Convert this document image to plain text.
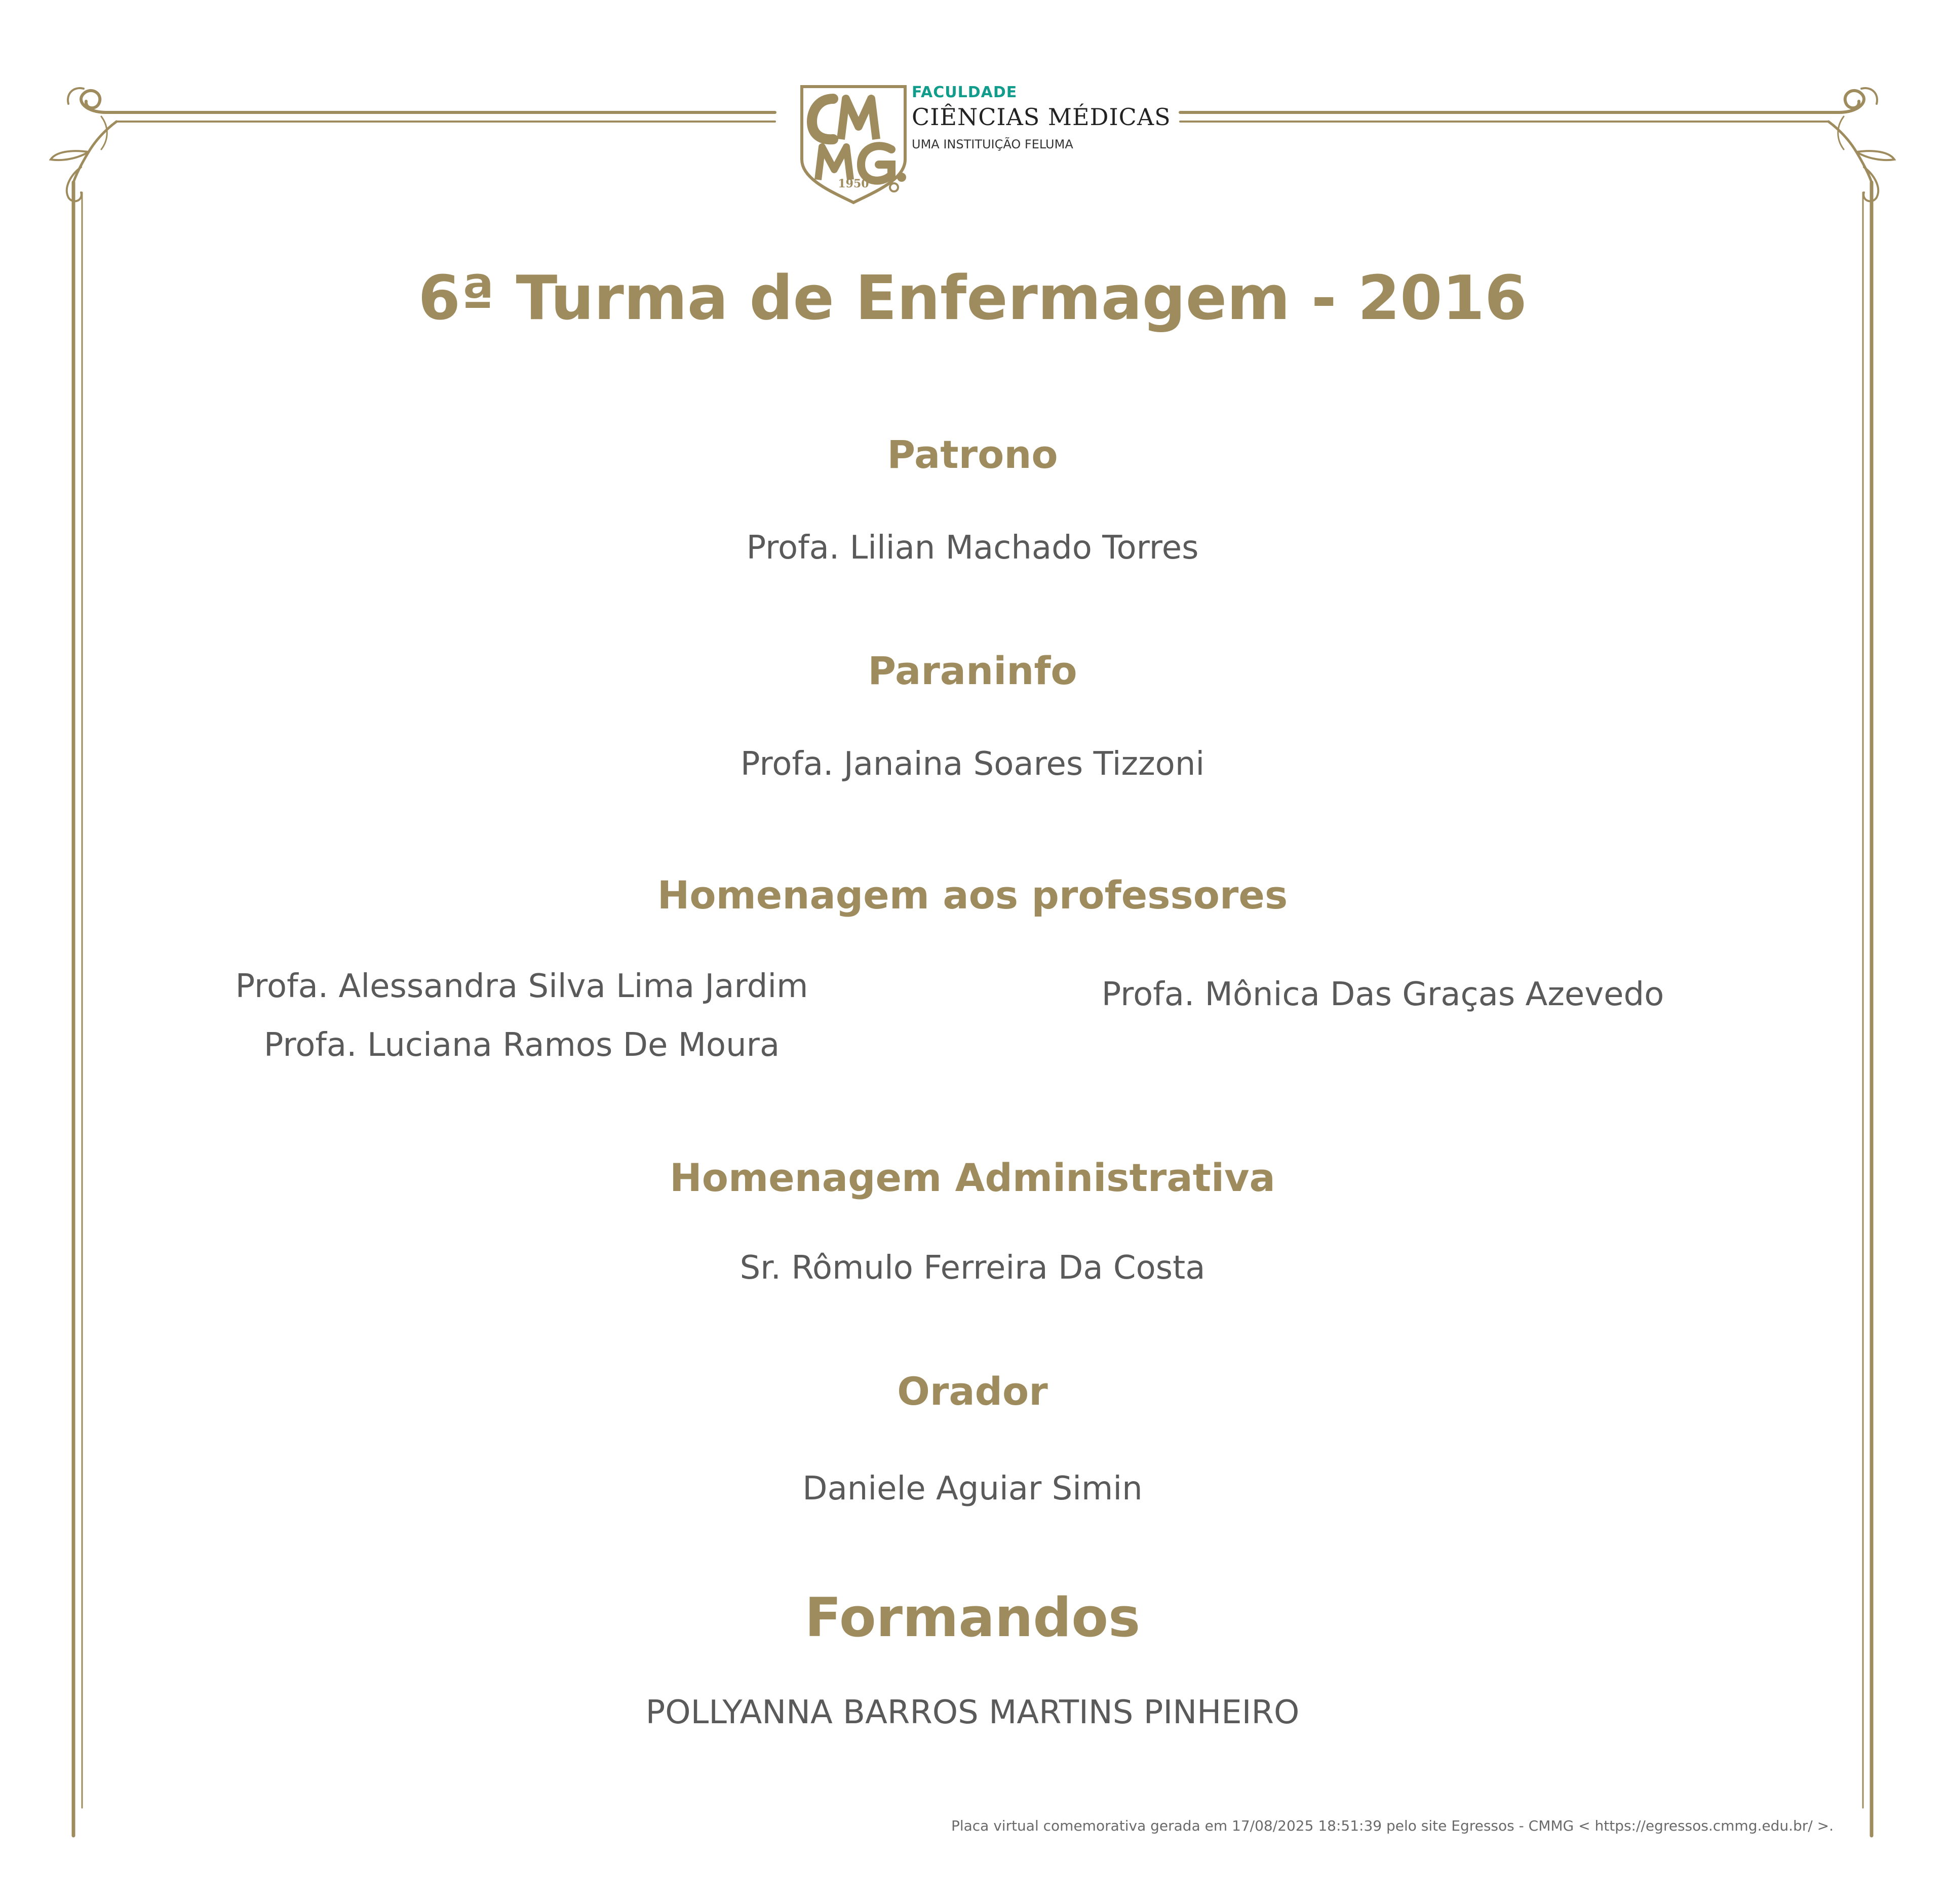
1950
FACULDADE
CIÊNCIAS MÉDICAS
UMA INSTITUIÇÃO FELUMA
6ª Turma de Enfermagem - 2016
Patrono
Profa. Lilian Machado Torres
Paraninfo
Profa. Janaina Soares Tizzoni
Homenagem aos professores
Profa. Alessandra Silva Lima Jardim
Profa. Luciana Ramos De Moura
Profa. Mônica Das Graças Azevedo
Homenagem Administrativa
Sr. Rômulo Ferreira Da Costa
Orador
Daniele Aguiar Simin
Formandos
POLLYANNA BARROS MARTINS PINHEIRO
Placa virtual comemorativa gerada em 17/08/2025 18:51:39 pelo site Egressos - CMMG < https://egressos.cmmg.edu.br/ >.
